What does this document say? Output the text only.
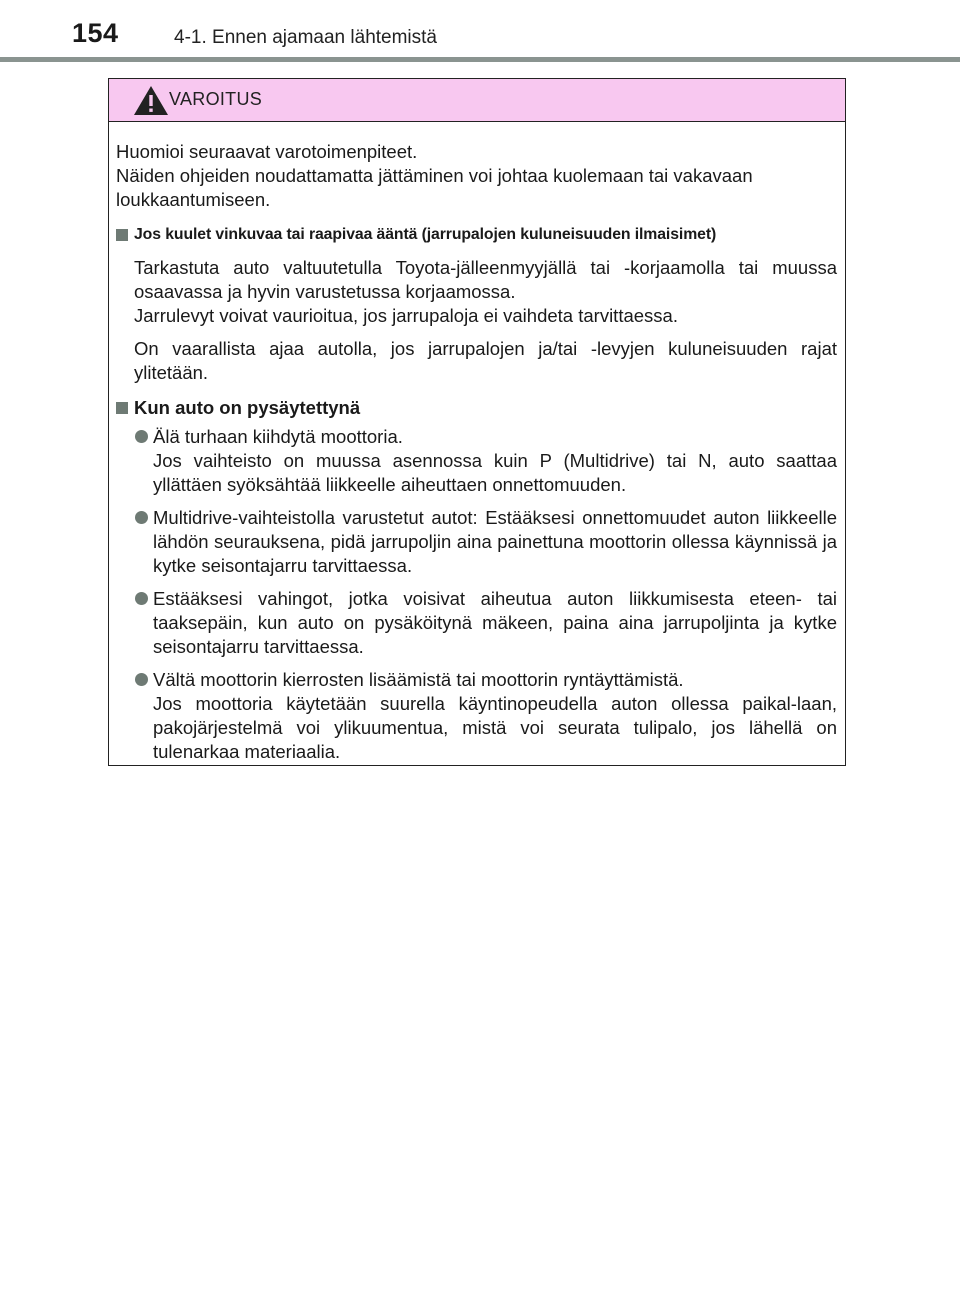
154	4-1. Ennen ajamaan lähtemistä
VAROITUS

Huomioi seuraavat varotoimenpiteet.

Näiden ohjeiden noudattamatta jättäminen voi johtaa kuolemaan tai vakavaan loukkaantumiseen.

Jos kuulet vinkuvaa tai raapivaa ääntä (jarrupalojen kuluneisuuden ilmaisimet)

Tarkastuta auto valtuutetulla Toyota-jälleenmyyjällä tai -korjaamolla tai muussa osaavassa ja hyvin varustetussa korjaamossa.

Jarrulevyt voivat vaurioitua, jos jarrupaloja ei vaihdeta tarvittaessa.

On vaarallista ajaa autolla, jos jarrupalojen ja/tai -levyjen kuluneisuuden rajat ylitetään.

Kun auto on pysäytettynä

Älä turhaan kiihdytä moottoria.

Jos vaihteisto on muussa asennossa kuin P (Multidrive) tai N, auto saattaa yllättäen syöksähtää liikkeelle aiheuttaen onnettomuuden.

Multidrive-vaihteistolla varustetut autot: Estääksesi onnettomuudet auton liikkeelle lähdön seurauksena, pidä jarrupoljin aina painettuna moottorin ollessa käynnissä ja kytke seisontajarru tarvittaessa.

Estääksesi vahingot, jotka voisivat aiheutua auton liikkumisesta eteen- tai taaksepäin, kun auto on pysäköitynä mäkeen, paina aina jarrupoljinta ja kytke seisontajarru tarvittaessa.

Vältä moottorin kierrosten lisäämistä tai moottorin ryntäyttämistä.

Jos moottoria käytetään suurella käyntinopeudella auton ollessa paikal-laan, pakojärjestelmä voi ylikuumentua, mistä voi seurata tulipalo, jos lähellä on tulenarkaa materiaalia.
